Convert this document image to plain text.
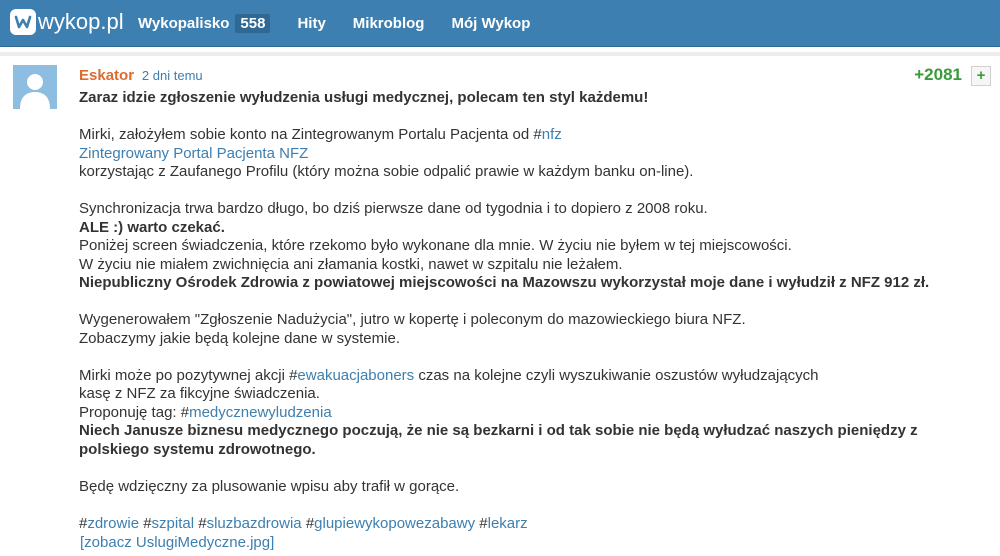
wykop.pl Wykopalisko 558	Hity Mikroblog Mój Wykop
Eskator 2 dni temu	+2081 +

Zaraz idzie zgłoszenie wyłudzenia usługi medycznej, polecam ten styl każdemu!

Mirki, założyłem sobie konto na Zintegrowanym Portalu Pacjenta od #nfz

Zintegrowany Portal Pacjenta NFZ

korzystając z Zaufanego Profilu (który można sobie odpalić prawie w każdym banku on-line).

Synchronizacja trwa bardzo długo, bo dziś pierwsze dane od tygodnia i to dopiero z 2008 roku.

ALE :) warto czekać.

Poniżej screen świadczenia, które rzekomo było wykonane dla mnie. W życiu nie byłem w tej miejscowości.

W życiu nie miałem zwichnięcia ani złamania kostki, nawet w szpitalu nie leżałem.

Niepubliczny Ośrodek Zdrowia z powiatowej miejscowości na Mazowszu wykorzystał moje dane i wyłudził z NFZ 912 zł.

Wygenerowałem "Zgłoszenie Nadużycia", jutro w kopertę i poleconym do mazowieckiego biura NFZ.

Zobaczymy jakie będą kolejne dane w systemie.

Mirki może po pozytywnej akcji #ewakuacjaboners czas na kolejne czyli wyszukiwanie oszustów wyłudzających

kasę z NFZ za fikcyjne świadczenia.

Proponuję tag: #medycznewyludzenia

Niech Janusze biznesu medycznego poczują, że nie są bezkarni i od tak sobie nie będą wyłudzać naszych pieniędzy z polskiego systemu zdrowotnego.

Będę wdzięczny za plusowanie wpisu aby trafił w gorące.

#zdrowie #szpital #sluzbazdrowia #glupiewykopowezabawy #lekarz

[zobacz UslugiMedyczne.jpg]
